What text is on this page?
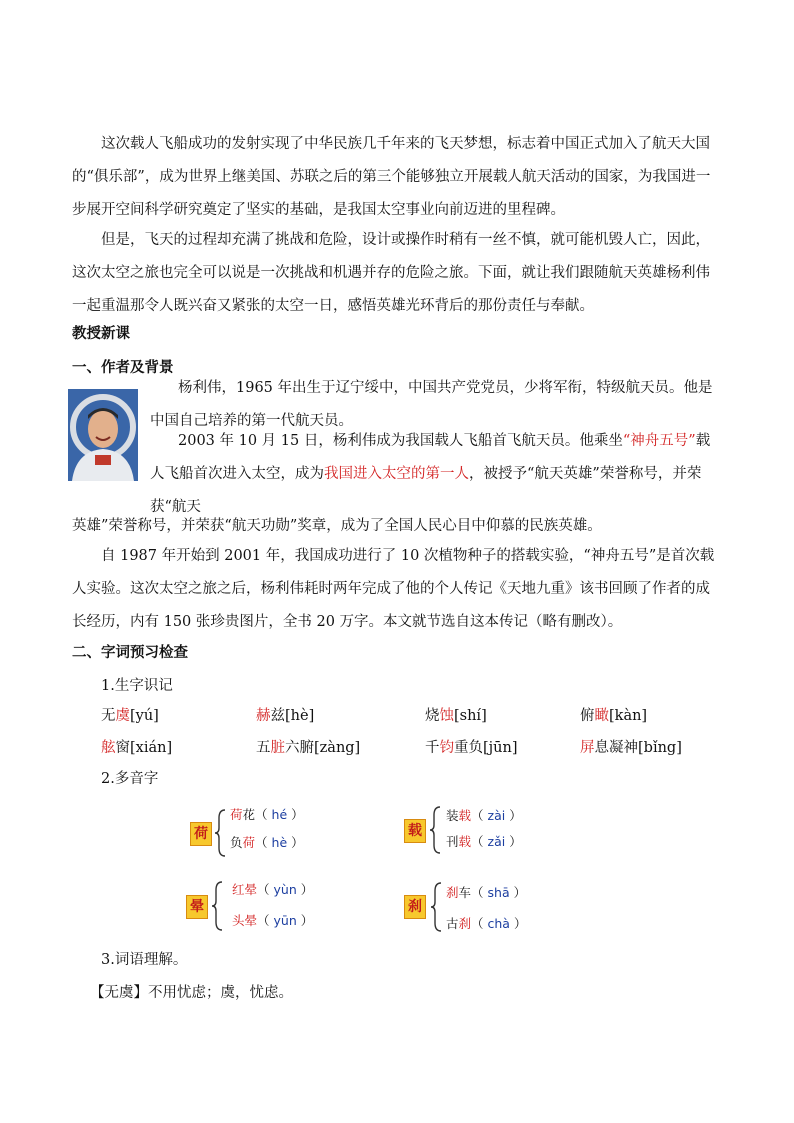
这次载人飞船成功的发射实现了中华民族几千年来的飞天梦想，标志着中国正式加入了航天大国的“俱乐部”，成为世界上继美国、苏联之后的第三个能够独立开展载人航天活动的国家，为我国进一步展开空间科学研究奠定了坚实的基础，是我国太空事业向前迈进的里程碑。

但是，飞天的过程却充满了挑战和危险，设计或操作时稍有一丝不慎，就可能机毁人亡，因此，这次太空之旅也完全可以说是一次挑战和机遇并存的危险之旅。下面，就让我们跟随航天英雄杨利伟一起重温那令人既兴奋又紧张的太空一日，感悟英雄光环背后的那份责任与奉献。

教授新课

一、作者及背景

杨利伟，1965 年出生于辽宁绥中，中国共产党党员，少将军衔，特级航天员。他是中国自己培养的第一代航天员。

2003 年 10 月 15 日，杨利伟成为我国载人飞船首飞航天员。他乘坐“神舟五号”载人飞船首次进入太空，成为我国进入太空的第一人，被授予“航天英雄”荣誉称号，并荣获“航天

英雄”荣誉称号，并荣获“航天功勋”奖章，成为了全国人民心目中仰慕的民族英雄。

自 1987 年开始到 2001 年，我国成功进行了 10 次植物种子的搭载实验，“神舟五号”是首次载人实验。这次太空之旅之后，杨利伟耗时两年完成了他的个人传记《天地九重》该书回顾了作者的成长经历，内有 150 张珍贵图片，全书 20 万字。本文就节选自这本传记（略有删改）。

二、字词预习检查

1.生字识记

无虞[yú]	赫兹[hè]	烧蚀[shí]	俯瞰[kàn]

舷窗[xián]	五脏六腑[zàng]	千钧重负[jūn]	屏息凝神[bǐng]

2.多音字

荷
荷花（ hé ）
负荷（ hè ）
载
装载（ zài ）
刊载（ zǎi ）
晕
红晕（ yùn ）
头晕（ yūn ）
刹
刹车（ shā ）
古刹（ chà ）

3.词语理解。

【无虞】不用忧虑；虞，忧虑。
